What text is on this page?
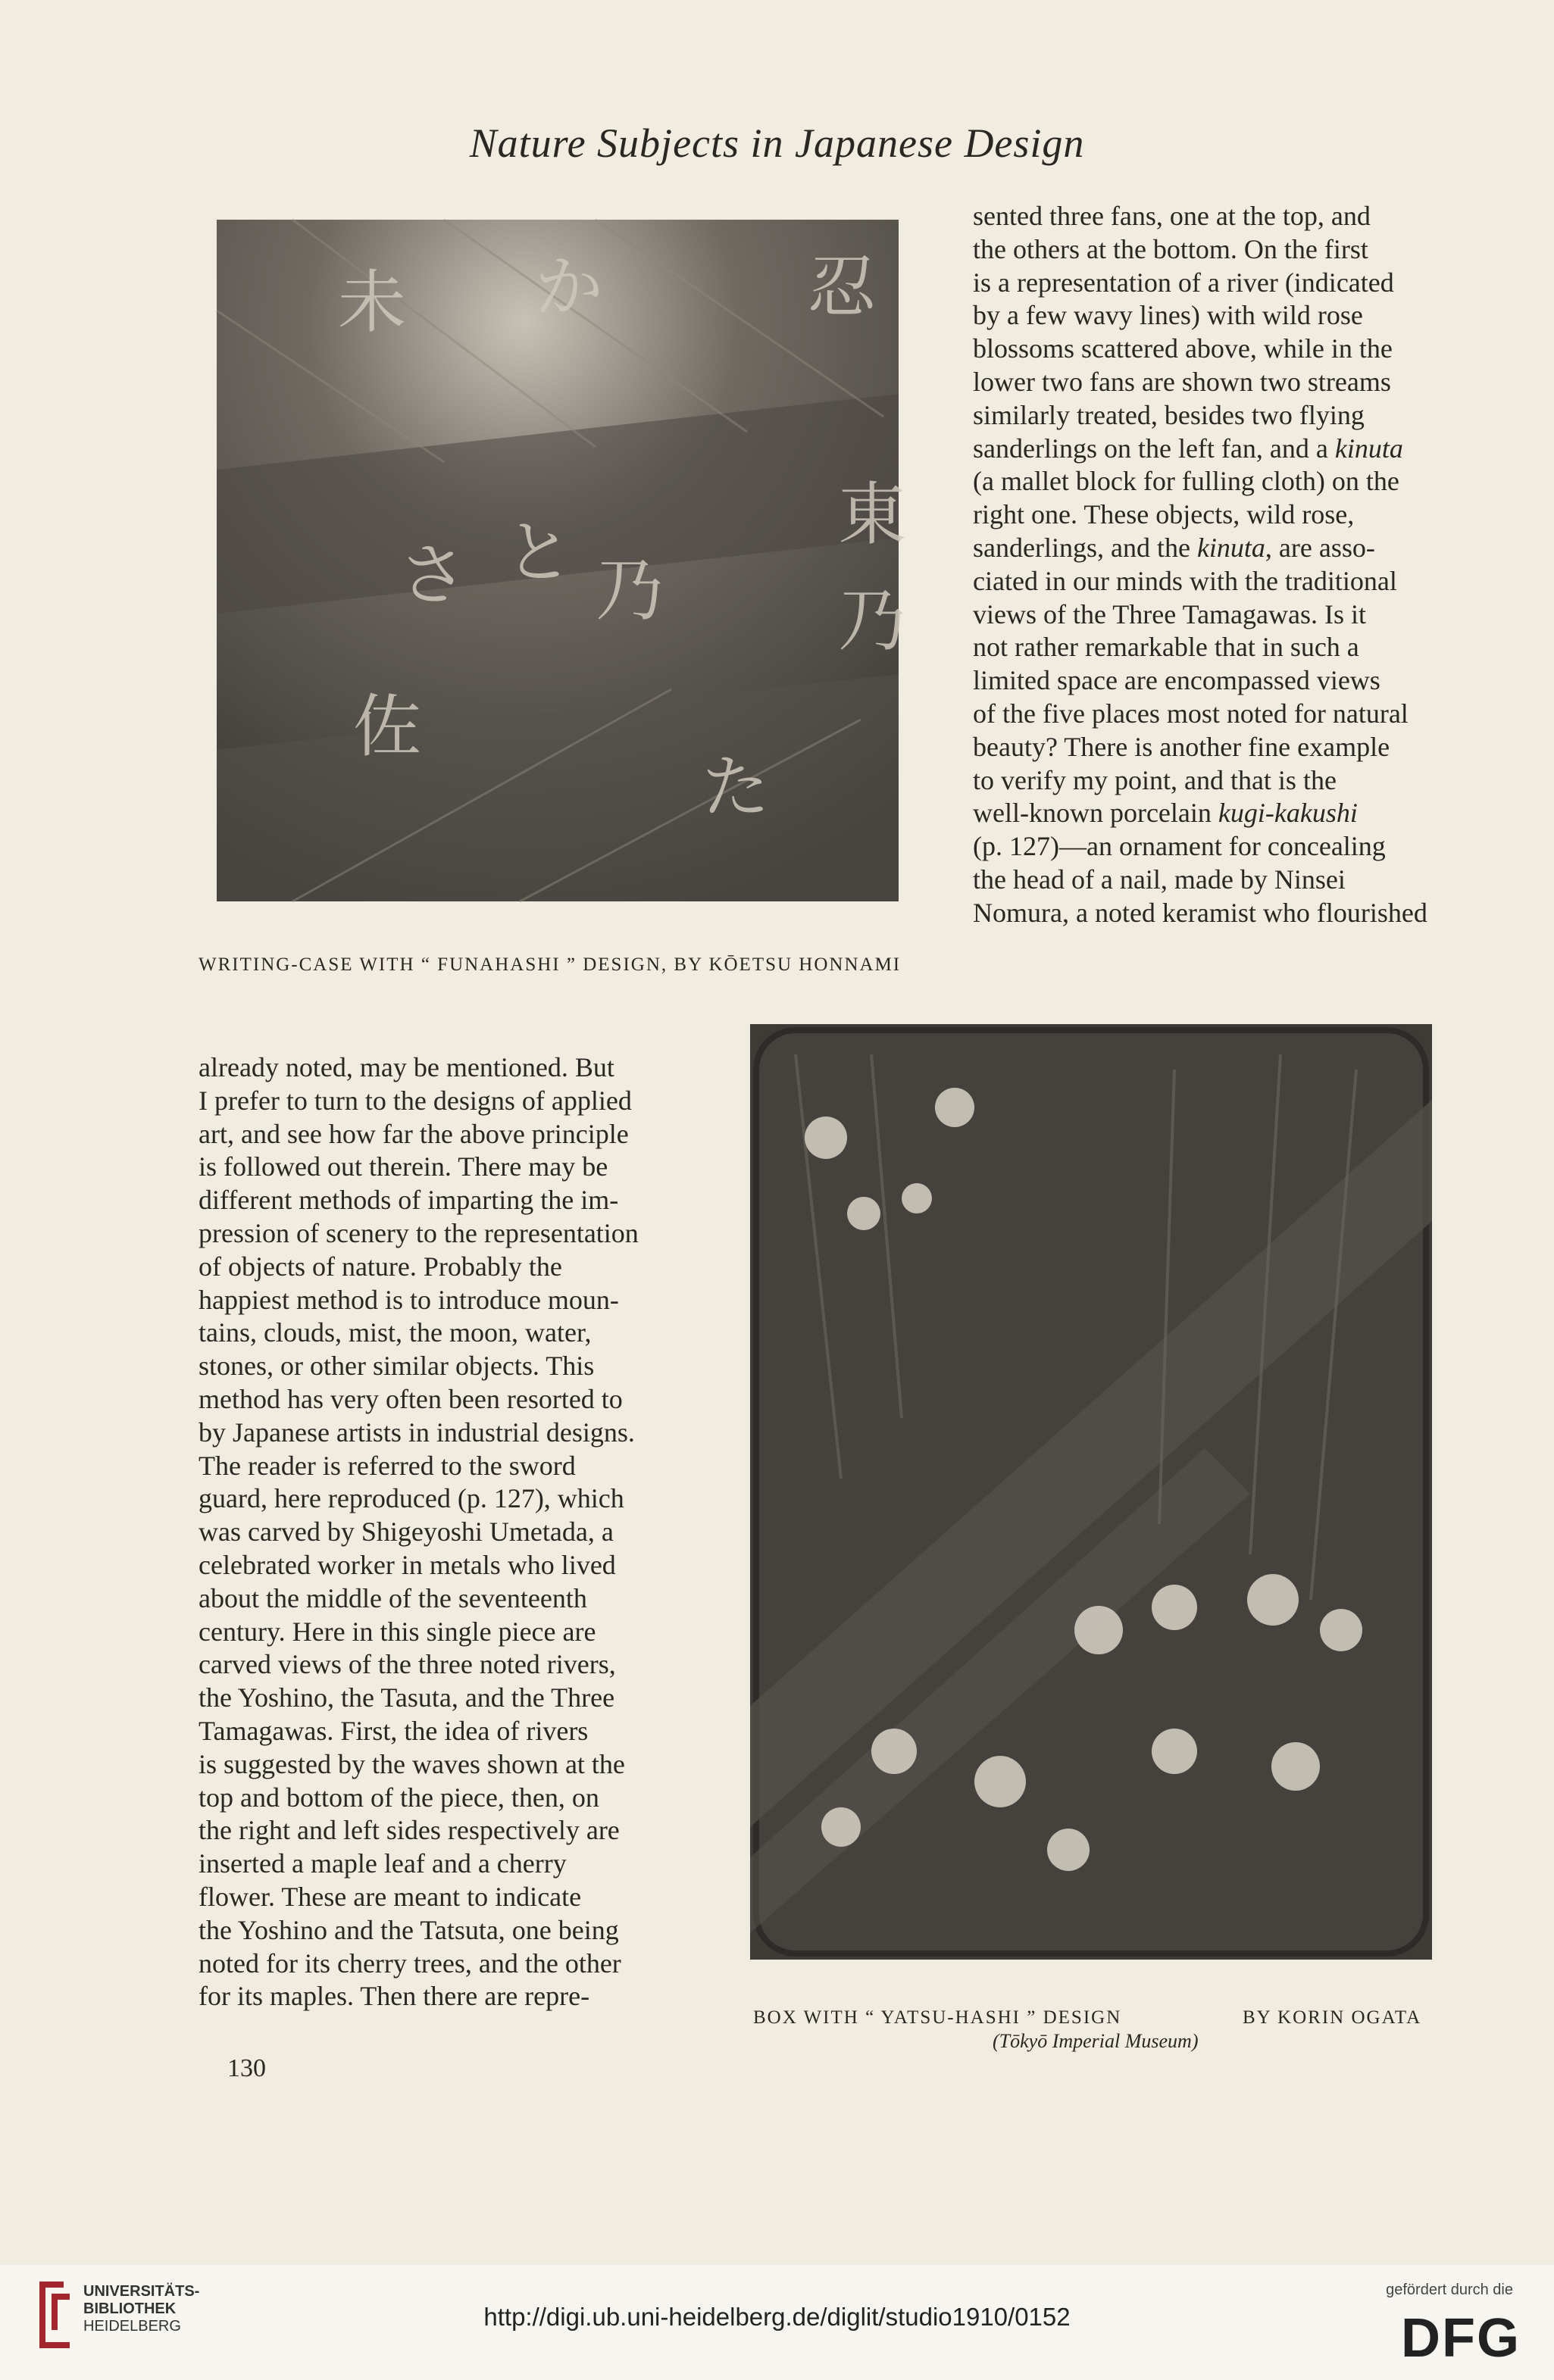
Nature Subjects in Japanese Design
未 か	忍
東
乃
乃
さ
佐
と
た
WRITING-CASE WITH “ FUNAHASHI ” DESIGN, BY KŌETSU HONNAMI

sented three fans, one at the top, and

the others at the bottom. On the first

is a representation of a river (indicated

by a few wavy lines) with wild rose

blossoms scattered above, while in the

lower two fans are shown two streams

similarly treated, besides two flying

sanderlings on the left fan, and a kinuta

(a mallet block for fulling cloth) on the

right one. These objects, wild rose,

sanderlings, and the kinuta, are asso-

ciated in our minds with the traditional

views of the Three Tamagawas. Is it

not rather remarkable that in such a

limited space are encompassed views

of the five places most noted for natural

beauty? There is another fine example

to verify my point, and that is the

well-known porcelain kugi-kakushi

(p. 127)—an ornament for concealing

the head of a nail, made by Ninsei

Nomura, a noted keramist who flourished

already noted, may be mentioned. But

I prefer to turn to the designs of applied

art, and see how far the above principle

is followed out therein. There may be

different methods of imparting the im-

pression of scenery to the representation

of objects of nature. Probably the

happiest method is to introduce moun-

tains, clouds, mist, the moon, water,

stones, or other similar objects. This

method has very often been resorted to

by Japanese artists in industrial designs.

The reader is referred to the sword

guard, here reproduced (p. 127), which

was carved by Shigeyoshi Umetada, a

celebrated worker in metals who lived

about the middle of the seventeenth

century. Here in this single piece are

carved views of the three noted rivers,

the Yoshino, the Tasuta, and the Three

Tamagawas. First, the idea of rivers

is suggested by the waves shown at the

top and bottom of the piece, then, on

the right and left sides respectively are

inserted a maple leaf and a cherry

flower. These are meant to indicate

the Yoshino and the Tatsuta, one being

noted for its cherry trees, and the other

for its maples. Then there are repre-

BOX WITH “ YATSU-HASHI ” DESIGN	BY KORIN OGATA
(Tōkyō Imperial Museum)
130
UNIVERSITÄTS-
BIBLIOTHEK
HEIDELBERG	http://digi.ub.uni-heidelberg.de/diglit/studio1910/0152
gefördert durch die
DFG
